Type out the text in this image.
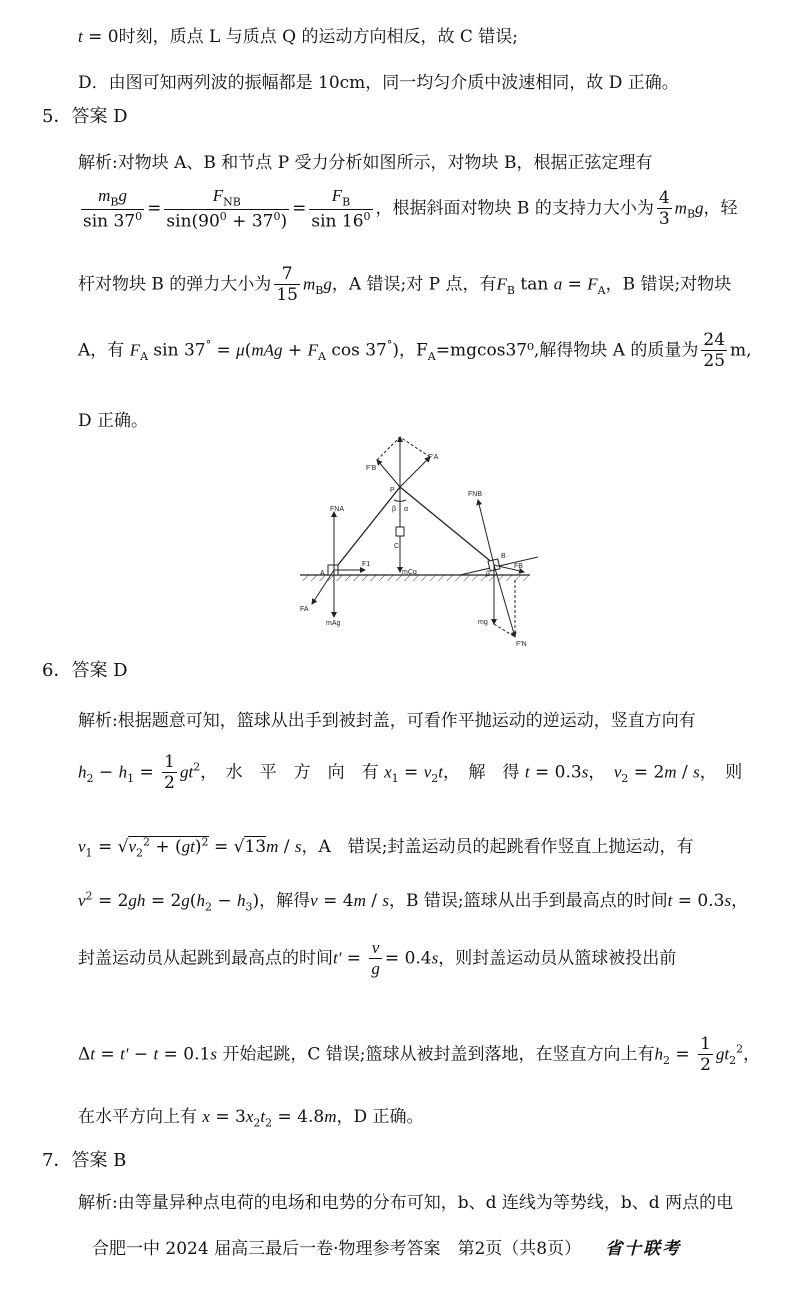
t = 0时刻，质点 L 与质点 Q 的运动方向相反，故 C 错误;
D．由图可知两列波的振幅都是 10cm，同一均匀介质中波速相同，故 D 正确。
5．答案 D
解析:对物块 A、B 和节点 P 受力分析如图所示，对物块 B，根据正弦定理有
$\frac{m_Bg}{\sin 37^0} = \frac{F_{NB}}{\sin(90^0 + 37^0)} = \frac{F_B}{\sin 16^0}$ ，根据斜面对物块 B 的支持力大小为 $\frac{4}{3} m_Bg$，轻
杆对物块 B 的弹力大小为 $\frac{7}{15} m_Bg$，A 错误;对 P 点，有$F_B$ $\tan a = F_A$，B 错误;对物块
A，有 $F_A$ $\sin 37^\circ = \mu(mAg + F_A$ cos 37°)，$F_A=mgcos37^0$,解得物块 A 的质量为 $\frac{24}{25} m$,
D 正确。
F'B
F'A
P
β α
FNA
FNB
C
mCg
A
F1
FA
mAg
B
β
FB
mg
F'N
6．答案 D
解析:根据题意可知，篮球从出手到被封盖，可看作平抛运动的逆运动，竖直方向有
$h_2 - h_1 = \frac{1}{2} gt^2$，　水　平　方　向　有 $x_1 = v_2t$，　解　得 t = 0.3s，　 $v_2 = 2m / s$，　则
$v_1 = √v_2^2 + (gt)^2 = √13m / s$，A　错误;封盖运动员的起跳看作竖直上抛运动，有
$v^2 = 2gh = 2g(h_2 - h_3)$，解得v = 4m / s，B 错误;篮球从出手到最高点的时间t = 0.3s，
封盖运动员从起跳到最高点的时间$t' = \frac{v}{g} = 0.4s$，则封盖运动员从篮球被投出前
Δt = t' − t = 0.1s 开始起跳，C 错误;篮球从被封盖到落地，在竖直方向上有$h_2 = \frac{1}{2} gt_2^2$，
在水平方向上有 $x = 3x_2t_2 = 4.8m$，D 正确。
7．答案 B
解析:由等量异种点电荷的电场和电势的分布可知，b、d 连线为等势线，b、d 两点的电
合肥一中 2024 届高三最后一卷·物理参考答案　第2页（共8页） 省十联考
